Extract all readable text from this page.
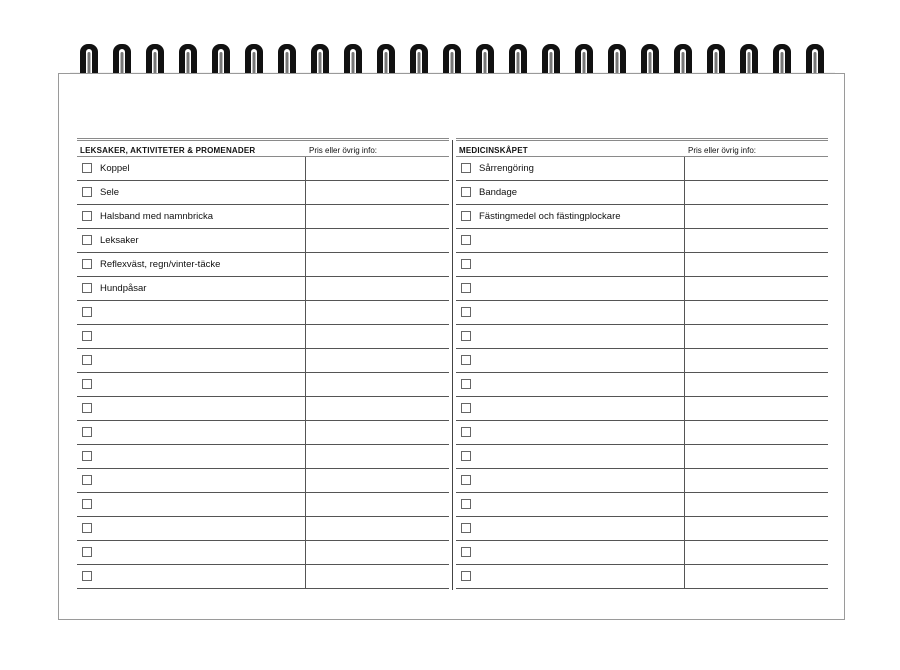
LEKSAKER, AKTIVITETER & PROMENADER	Pris eller övrig info:
Koppel
Sele
Halsband med namnbricka
Leksaker
Reflexväst, regn/vinter-täcke
Hundpåsar
MEDICINSKÅPET	Pris eller övrig info:
Sårrengöring
Bandage
Fästingmedel och fästingplockare
